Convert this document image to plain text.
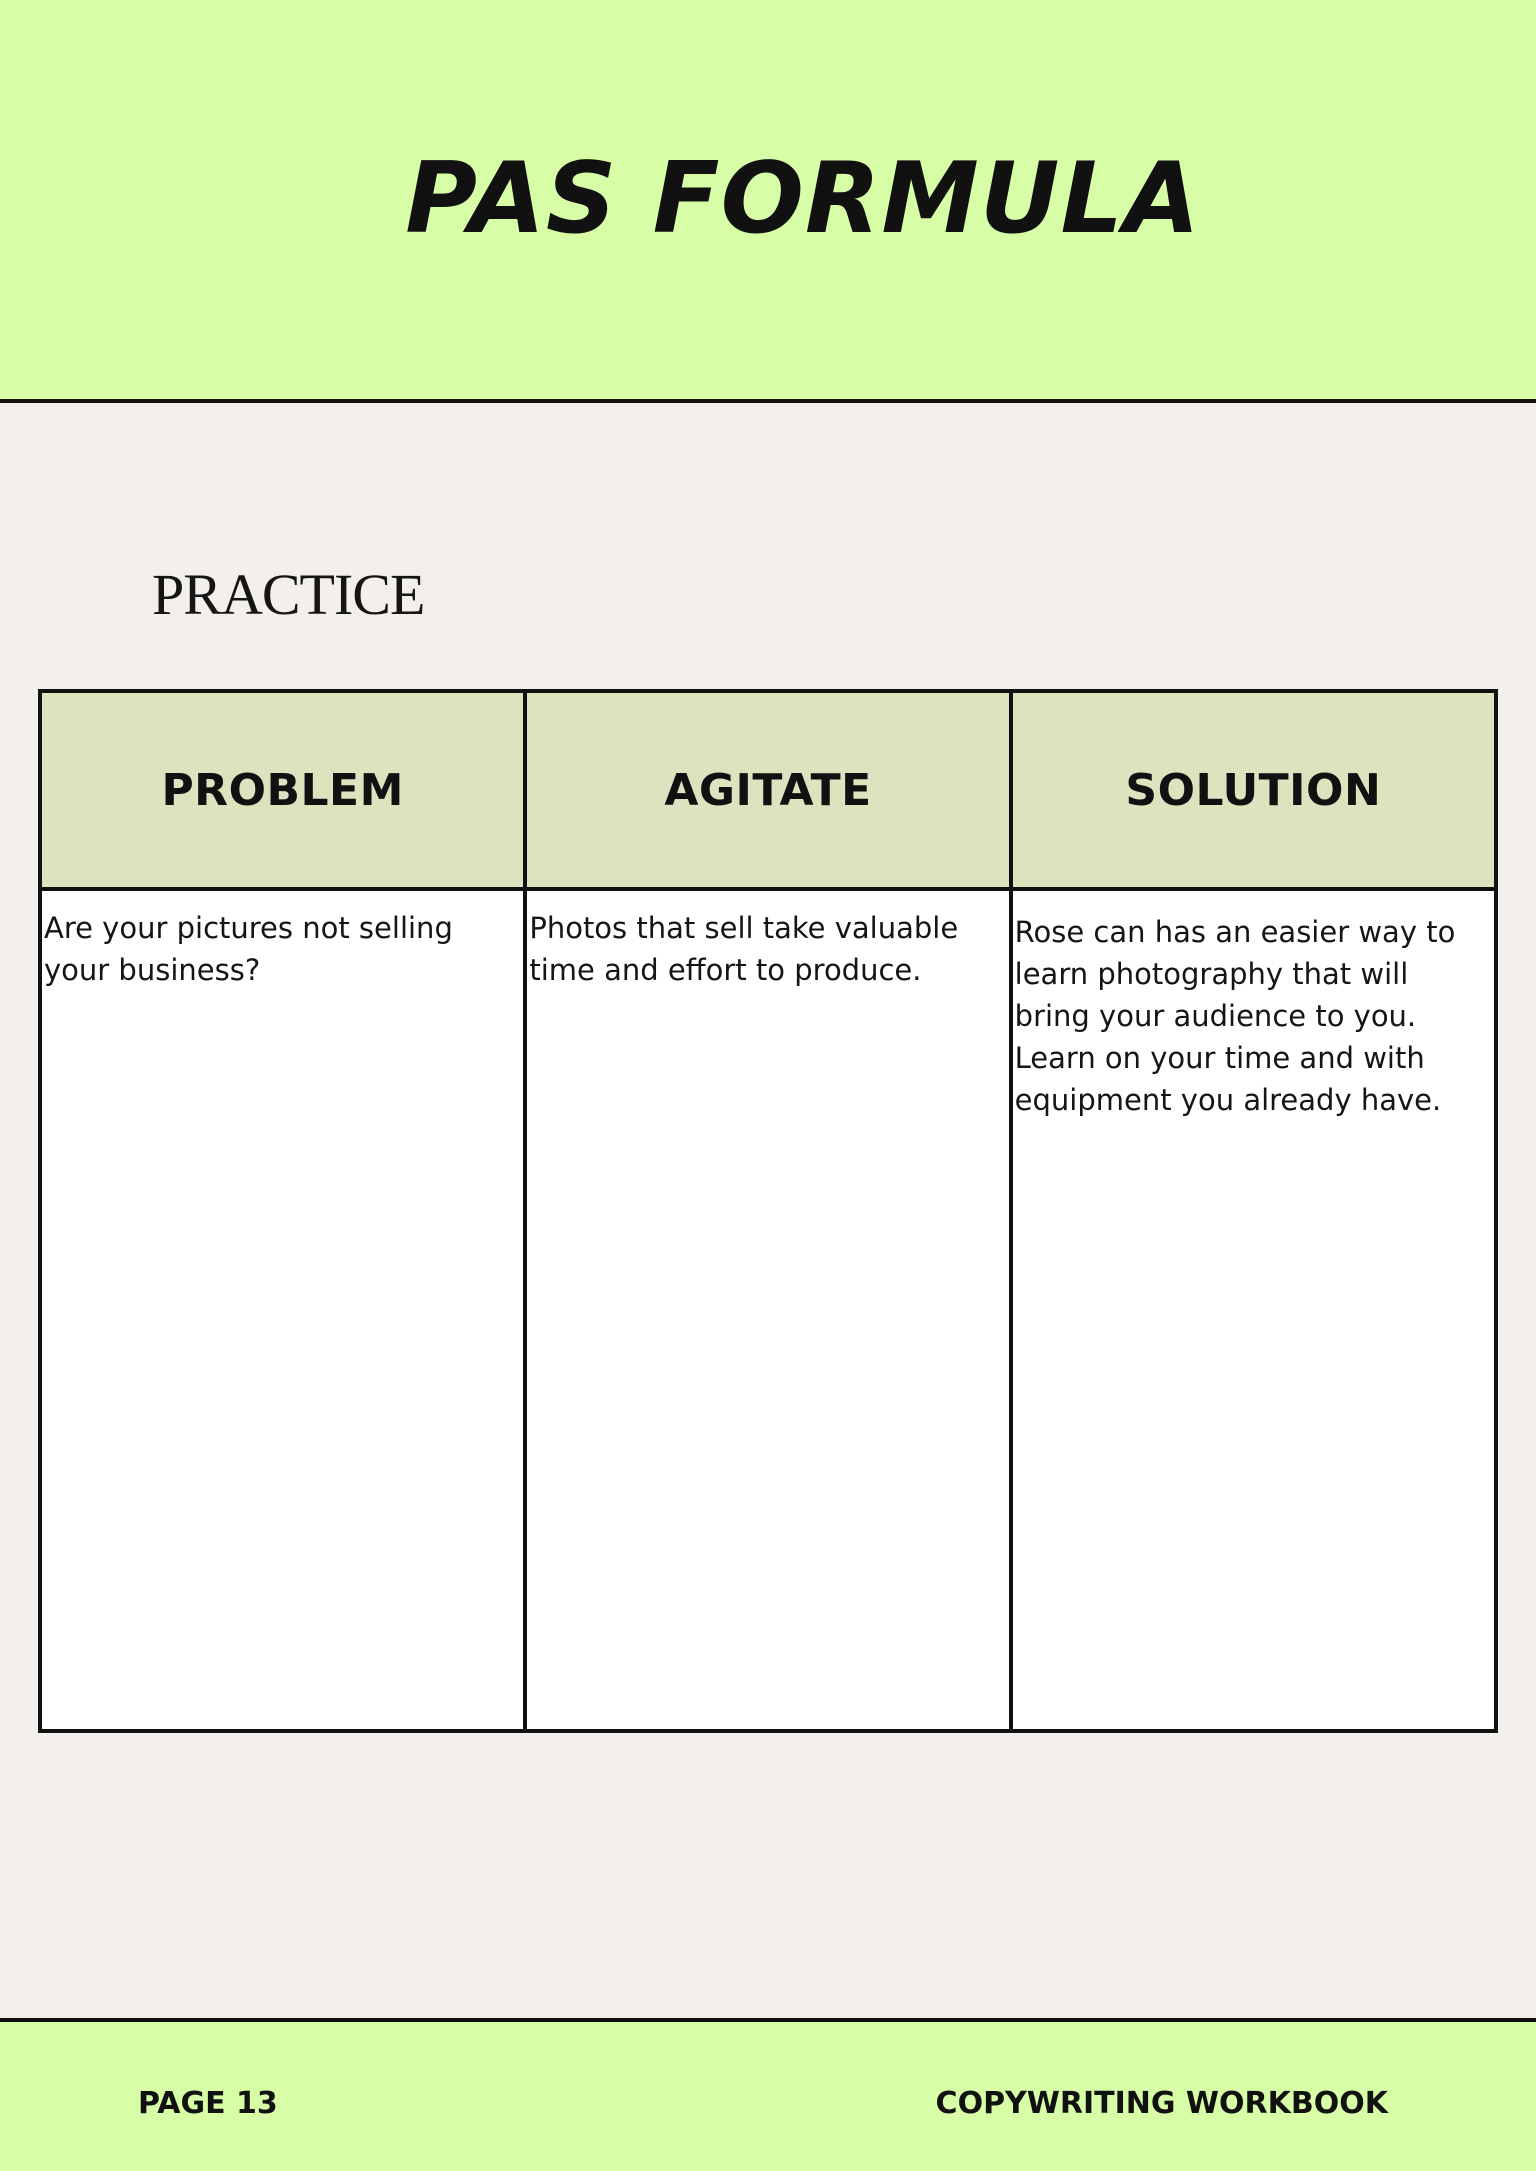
PAS FORMULA
PRACTICE
PROBLEM	AGITATE	SOLUTION
Are your pictures not selling your business?	Photos that sell take valuable time and effort to produce.	Rose can has an easier way to learn photography that will bring your audience to you. Learn on your time and with equipment you already have.
PAGE 13	COPYWRITING WORKBOOK
